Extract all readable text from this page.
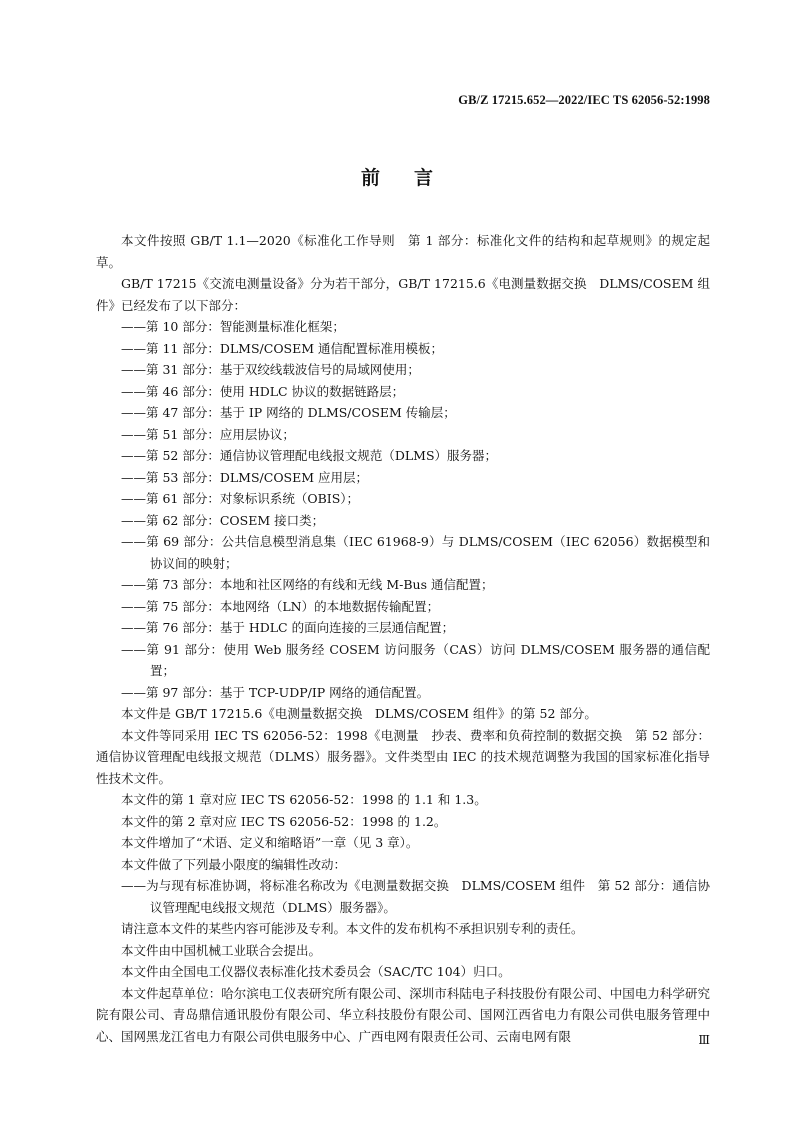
GB/Z 17215.652—2022/IEC TS 62056-52:1998
前言

本文件按照 GB/T 1.1—2020《标准化工作导则　第 1 部分：标准化文件的结构和起草规则》的规定起草。

GB/T 17215《交流电测量设备》分为若干部分，GB/T 17215.6《电测量数据交换　DLMS/COSEM 组件》已经发布了以下部分：

——第 10 部分：智能测量标准化框架；

——第 11 部分：DLMS/COSEM 通信配置标准用模板；

——第 31 部分：基于双绞线载波信号的局域网使用；

——第 46 部分：使用 HDLC 协议的数据链路层；

——第 47 部分：基于 IP 网络的 DLMS/COSEM 传输层；

——第 51 部分：应用层协议；

——第 52 部分：通信协议管理配电线报文规范（DLMS）服务器；

——第 53 部分：DLMS/COSEM 应用层；

——第 61 部分：对象标识系统（OBIS）；

——第 62 部分：COSEM 接口类；

——第 69 部分：公共信息模型消息集（IEC 61968-9）与 DLMS/COSEM（IEC 62056）数据模型和协议间的映射；

——第 73 部分：本地和社区网络的有线和无线 M-Bus 通信配置；

——第 75 部分：本地网络（LN）的本地数据传输配置；

——第 76 部分：基于 HDLC 的面向连接的三层通信配置；

——第 91 部分：使用 Web 服务经 COSEM 访问服务（CAS）访问 DLMS/COSEM 服务器的通信配置；

——第 97 部分：基于 TCP-UDP/IP 网络的通信配置。

本文件是 GB/T 17215.6《电测量数据交换　DLMS/COSEM 组件》的第 52 部分。

本文件等同采用 IEC TS 62056-52：1998《电测量　抄表、费率和负荷控制的数据交换　第 52 部分：通信协议管理配电线报文规范（DLMS）服务器》。文件类型由 IEC 的技术规范调整为我国的国家标准化指导性技术文件。

本文件的第 1 章对应 IEC TS 62056-52：1998 的 1.1 和 1.3。

本文件的第 2 章对应 IEC TS 62056-52：1998 的 1.2。

本文件增加了“术语、定义和缩略语”一章（见 3 章）。

本文件做了下列最小限度的编辑性改动：

——为与现有标准协调，将标准名称改为《电测量数据交换　DLMS/COSEM 组件　第 52 部分：通信协议管理配电线报文规范（DLMS）服务器》。

请注意本文件的某些内容可能涉及专利。本文件的发布机构不承担识别专利的责任。

本文件由中国机械工业联合会提出。

本文件由全国电工仪器仪表标准化技术委员会（SAC/TC 104）归口。

本文件起草单位：哈尔滨电工仪表研究所有限公司、深圳市科陆电子科技股份有限公司、中国电力科学研究院有限公司、青岛鼎信通讯股份有限公司、华立科技股份有限公司、国网江西省电力有限公司供电服务管理中心、国网黑龙江省电力有限公司供电服务中心、广西电网有限责任公司、云南电网有限	Ⅲ
